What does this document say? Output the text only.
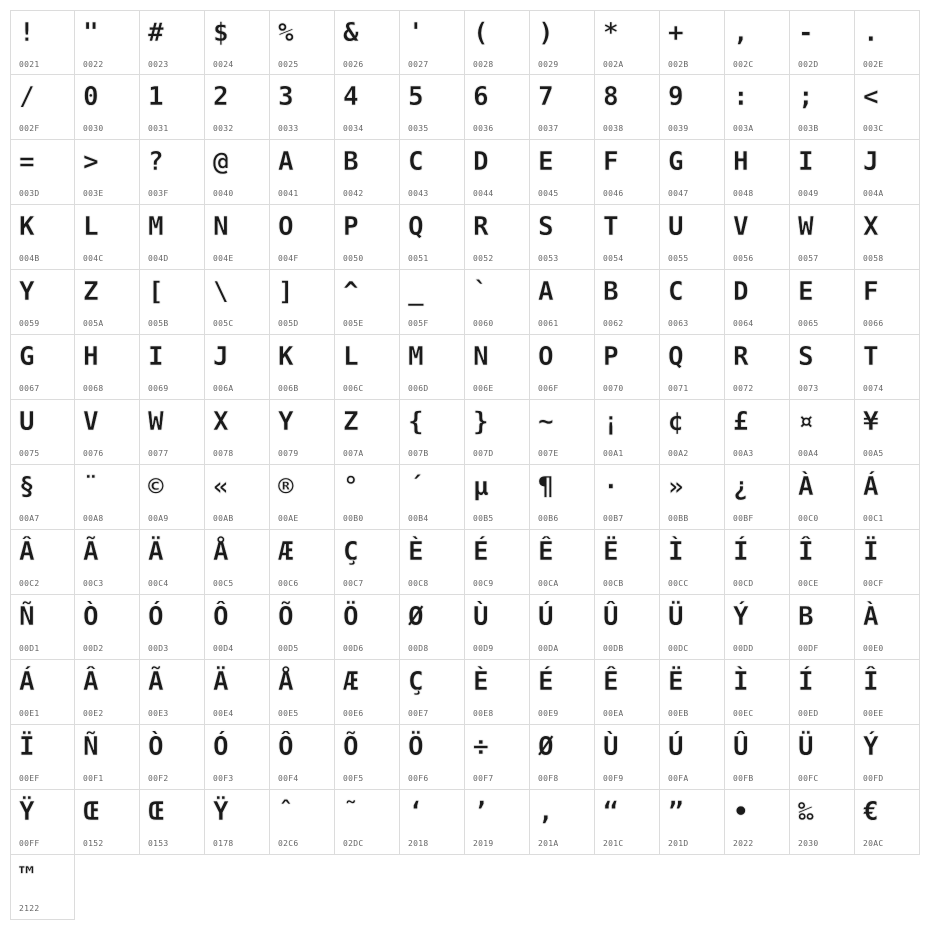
!
0021
"
0022
#
0023
$
0024
%
0025
&
0026
'
0027
(
0028
)
0029
*
002A
+
002B
,
002C
-
002D
.
002E
/
002F
0
0030
1
0031
2
0032
3
0033
4
0034
5
0035
6
0036
7
0037
8
0038
9
0039
:
003A
;
003B
<
003C
=
003D
>
003E
?
003F
@
0040
A
0041
B
0042
C
0043
D
0044
E
0045
F
0046
G
0047
H
0048
I
0049
J
004A
K
004B
L
004C
M
004D
N
004E
O
004F
P
0050
Q
0051
R
0052
S
0053
T
0054
U
0055
V
0056
W
0057
X
0058
Y
0059
Z
005A
[
005B
\
005C
]
005D
^
005E
_
005F
`
0060
A
0061
B
0062
C
0063
D
0064
E
0065
F
0066
G
0067
H
0068
I
0069
J
006A
K
006B
L
006C
M
006D
N
006E
O
006F
P
0070
Q
0071
R
0072
S
0073
T
0074
U
0075
V
0076
W
0077
X
0078
Y
0079
Z
007A
{
007B
}
007D
~
007E
¡
00A1
¢
00A2
£
00A3
¤
00A4
¥
00A5
§
00A7
¨
00A8
©
00A9
«
00AB
®
00AE
°
00B0
´
00B4
µ
00B5
¶
00B6
·
00B7
»
00BB
¿
00BF
À
00C0
Á
00C1
Â
00C2
Ã
00C3
Ä
00C4
Å
00C5
Æ
00C6
Ç
00C7
È
00C8
É
00C9
Ê
00CA
Ë
00CB
Ì
00CC
Í
00CD
Î
00CE
Ï
00CF
Ñ
00D1
Ò
00D2
Ó
00D3
Ô
00D4
Õ
00D5
Ö
00D6
Ø
00D8
Ù
00D9
Ú
00DA
Û
00DB
Ü
00DC
Ý
00DD
B
00DF
À
00E0
Á
00E1
Â
00E2
Ã
00E3
Ä
00E4
Å
00E5
Æ
00E6
Ç
00E7
È
00E8
É
00E9
Ê
00EA
Ë
00EB
Ì
00EC
Í
00ED
Î
00EE
Ï
00EF
Ñ
00F1
Ò
00F2
Ó
00F3
Ô
00F4
Õ
00F5
Ö
00F6
÷
00F7
Ø
00F8
Ù
00F9
Ú
00FA
Û
00FB
Ü
00FC
Ý
00FD
Ÿ
00FF
Œ
0152
Œ
0153
Ÿ
0178
ˆ
02C6
˜
02DC
‘
2018
’
2019
‚
201A
“
201C
”
201D
•
2022
‰
2030
€
20AC
™
2122
